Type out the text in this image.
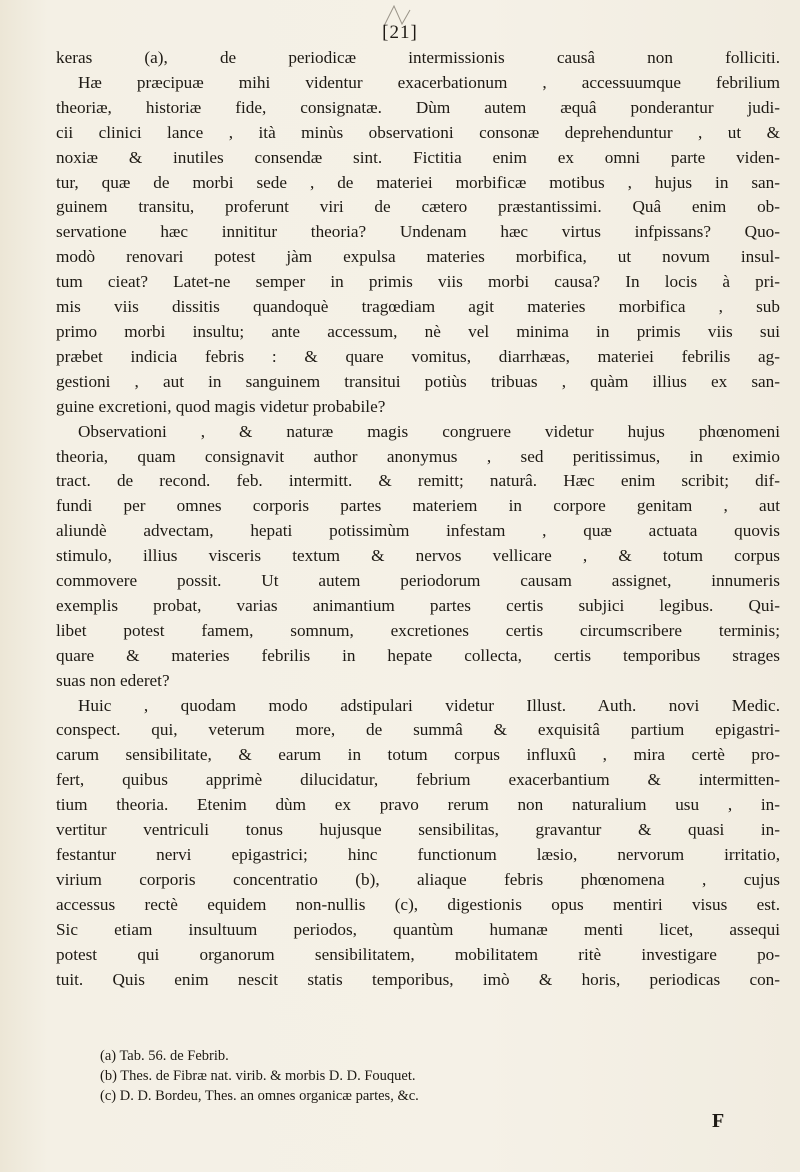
[21]
keras (a), de periodicæ intermissionis causâ non folliciti.
Hæ præcipuæ mihi videntur exacerbationum , accessuumque febrilium
theoriæ, historiæ fide, consignatæ. Dùm autem æquâ ponderantur judi-
cii clinici lance , ità minùs observationi consonæ deprehenduntur , ut &
noxiæ & inutiles consendæ sint. Fictitia enim ex omni parte viden-
tur, quæ de morbi sede , de materiei morbificæ motibus , hujus in san-
guinem transitu, proferunt viri de cætero præstantissimi. Quâ enim ob-
servatione hæc innititur theoria? Undenam hæc virtus infpissans? Quo-
modò renovari potest jàm expulsa materies morbifica, ut novum insul-
tum cieat? Latet-ne semper in primis viis morbi causa? In locis à pri-
mis viis dissitis quandoquè tragœdiam agit materies morbifica , sub
primo morbi insultu; ante accessum, nè vel minima in primis viis sui
præbet indicia febris : & quare vomitus, diarrhæas, materiei febrilis ag-
gestioni , aut in sanguinem transitui potiùs tribuas , quàm illius ex san-
guine excretioni, quod magis videtur probabile?
Observationi , & naturæ magis congruere videtur hujus phœnomeni
theoria, quam consignavit author anonymus , sed peritissimus, in eximio
tract. de recond. feb. intermitt. & remitt; naturâ. Hæc enim scribit; dif-
fundi per omnes corporis partes materiem in corpore genitam , aut
aliundè advectam, hepati potissimùm infestam , quæ actuata quovis
stimulo, illius visceris textum & nervos vellicare , & totum corpus
commovere possit. Ut autem periodorum causam assignet, innumeris
exemplis probat, varias animantium partes certis subjici legibus. Qui-
libet potest famem, somnum, excretiones certis circumscribere terminis;
quare & materies febrilis in hepate collecta, certis temporibus strages
suas non ederet?
Huic , quodam modo adstipulari videtur Illust. Auth. novi Medic.
conspect. qui, veterum more, de summâ & exquisitâ partium epigastri-
carum sensibilitate, & earum in totum corpus influxû , mira certè pro-
fert, quibus apprimè dilucidatur, febrium exacerbantium & intermitten-
tium theoria. Etenim dùm ex pravo rerum non naturalium usu , in-
vertitur ventriculi tonus hujusque sensibilitas, gravantur & quasi in-
festantur nervi epigastrici; hinc functionum læsio, nervorum irritatio,
virium corporis concentratio (b), aliaque febris phœnomena , cujus
accessus rectè equidem non-nullis (c), digestionis opus mentiri visus est.
Sic etiam insultuum periodos, quantùm humanæ menti licet, assequi
potest qui organorum sensibilitatem, mobilitatem ritè investigare po-
tuit. Quis enim nescit statis temporibus, imò & horis, periodicas con-
(a) Tab. 56. de Febrib.
(b) Thes. de Fibræ nat. virib. & morbis D. D. Fouquet.
(c) D. D. Bordeu, Thes. an omnes organicæ partes, &c.
F
